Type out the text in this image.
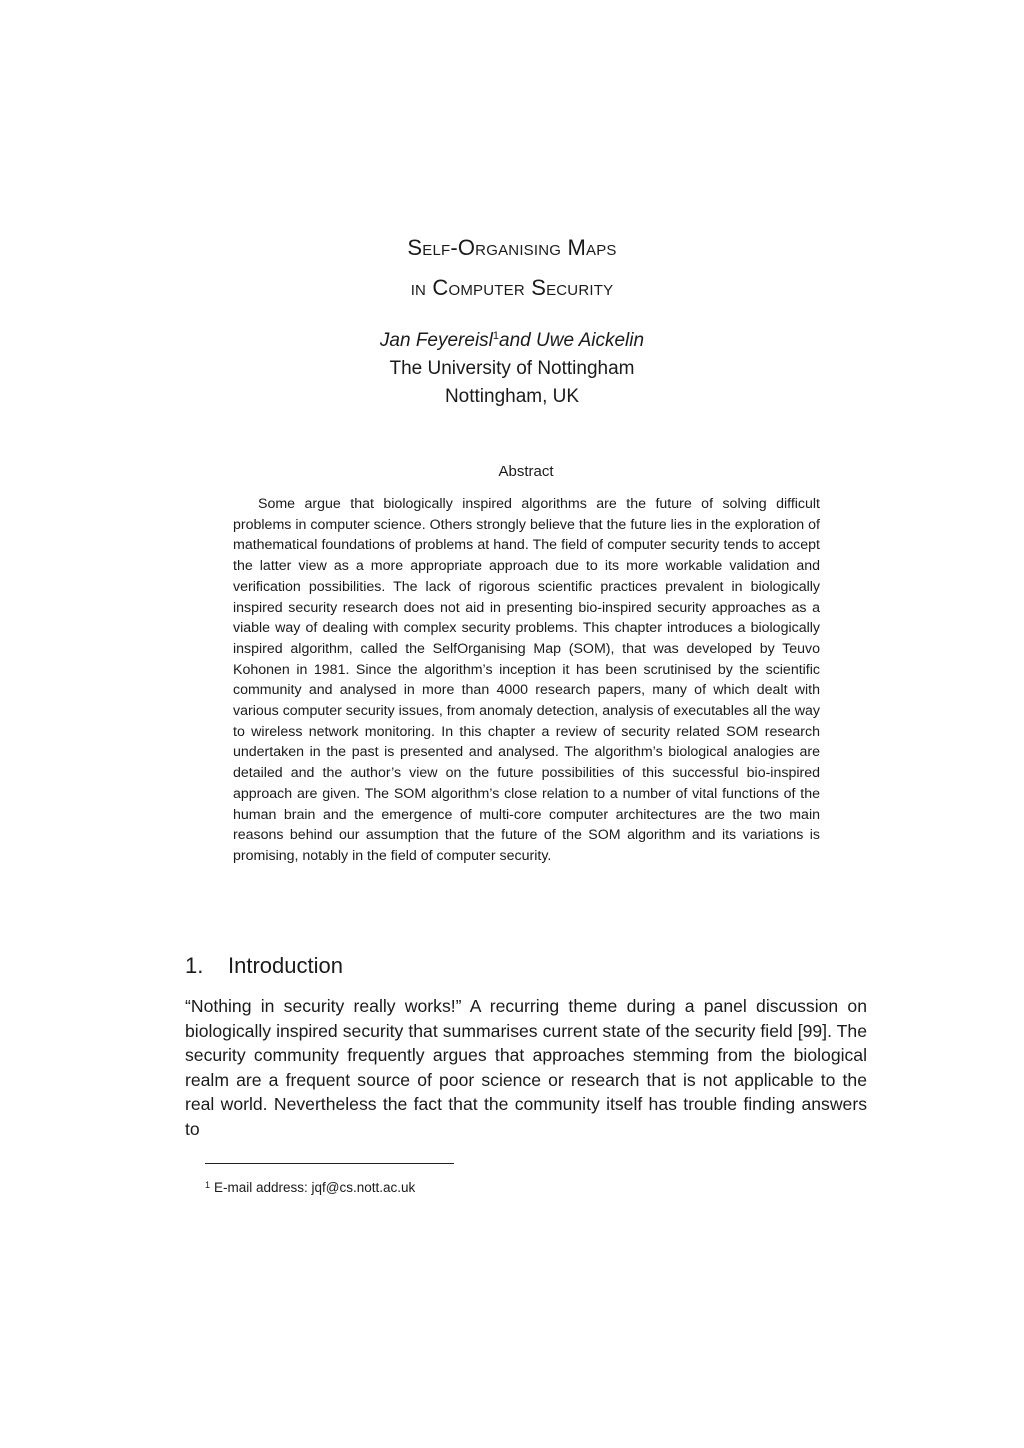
Self-Organising Maps
in Computer Security
Jan Feyereisl$^1$and Uwe Aickelin
The University of Nottingham
Nottingham, UK
Abstract
Some argue that biologically inspired algorithms are the future of solving difficult problems in computer science. Others strongly believe that the future lies in the exploration of mathematical foundations of problems at hand. The field of computer security tends to accept the latter view as a more appropriate approach due to its more workable validation and verification possibilities. The lack of rigorous scientific practices prevalent in biologically inspired security research does not aid in presenting bio-inspired security approaches as a viable way of dealing with complex security problems. This chapter introduces a biologically inspired algorithm, called the SelfOrganising Map (SOM), that was developed by Teuvo Kohonen in 1981. Since the algorithm’s inception it has been scrutinised by the scientific community and analysed in more than 4000 research papers, many of which dealt with various computer security issues, from anomaly detection, analysis of executables all the way to wireless network monitoring. In this chapter a review of security related SOM research undertaken in the past is presented and analysed. The algorithm’s biological analogies are detailed and the author’s view on the future possibilities of this successful bio-inspired approach are given. The SOM algorithm’s close relation to a number of vital functions of the human brain and the emergence of multi-core computer architectures are the two main reasons behind our assumption that the future of the SOM algorithm and its variations is promising, notably in the field of computer security.
1. Introduction
“Nothing in security really works!” A recurring theme during a panel discussion on biologically inspired security that summarises current state of the security field [99]. The security community frequently argues that approaches stemming from the biological realm are a frequent source of poor science or research that is not applicable to the real world. Nevertheless the fact that the community itself has trouble finding answers to
$^1$ E-mail address: jqf@cs.nott.ac.uk
